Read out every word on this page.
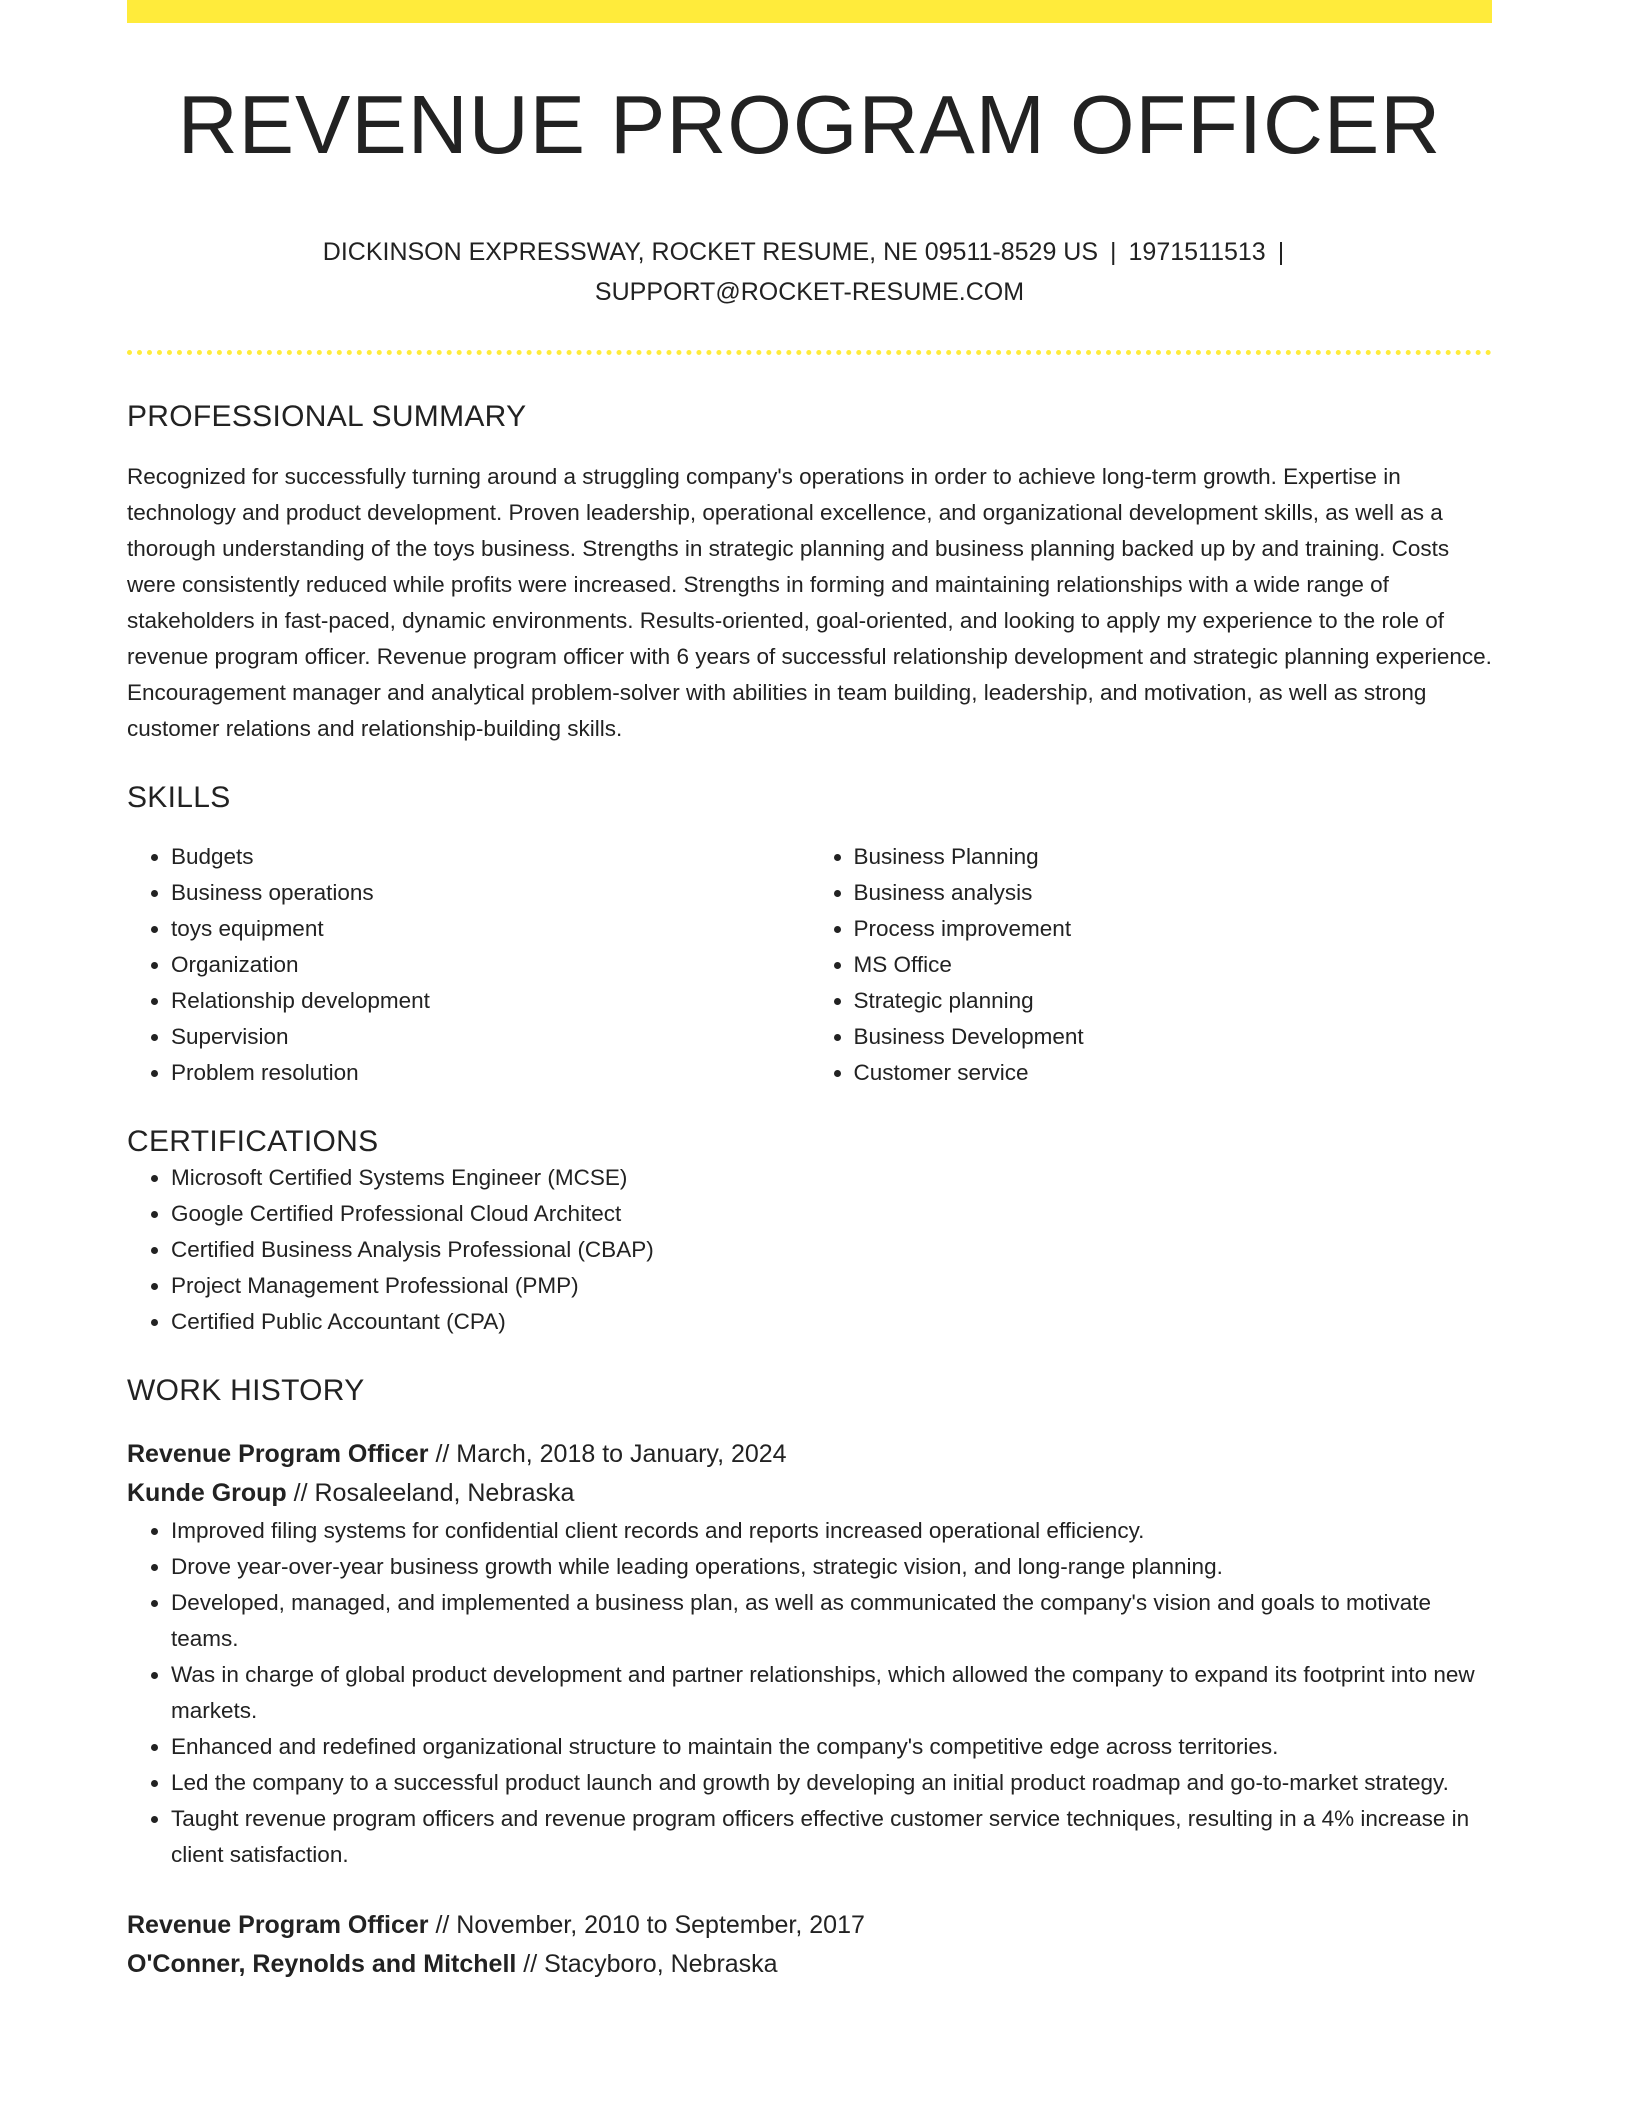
REVENUE PROGRAM OFFICER
DICKINSON EXPRESSWAY, ROCKET RESUME, NE 09511-8529 US | 1971511513 |
SUPPORT@ROCKET-RESUME.COM
PROFESSIONAL SUMMARY

Recognized for successfully turning around a struggling company's operations in order to achieve long-term growth. Expertise in technology and product development. Proven leadership, operational excellence, and organizational development skills, as well as a thorough understanding of the toys business. Strengths in strategic planning and business planning backed up by and training. Costs were consistently reduced while profits were increased. Strengths in forming and maintaining relationships with a wide range of stakeholders in fast-paced, dynamic environments. Results-oriented, goal-oriented, and looking to apply my experience to the role of revenue program officer. Revenue program officer with 6 years of successful relationship development and strategic planning experience. Encouragement manager and analytical problem-solver with abilities in team building, leadership, and motivation, as well as strong customer relations and relationship-building skills.

SKILLS
• Budgets
• Business operations
• toys equipment
• Organization
• Relationship development
• Supervision
• Problem resolution
• Business Planning
• Business analysis
• Process improvement
• MS Office
• Strategic planning
• Business Development
• Customer service
CERTIFICATIONS
• Microsoft Certified Systems Engineer (MCSE)
• Google Certified Professional Cloud Architect
• Certified Business Analysis Professional (CBAP)
• Project Management Professional (PMP)
• Certified Public Accountant (CPA)
WORK HISTORY
Revenue Program Officer // March, 2018 to January, 2024
Kunde Group // Rosaleeland, Nebraska
• Improved filing systems for confidential client records and reports increased operational efficiency.
• Drove year-over-year business growth while leading operations, strategic vision, and long-range planning.
• Developed, managed, and implemented a business plan, as well as communicated the company's vision and goals to motivate teams.
• Was in charge of global product development and partner relationships, which allowed the company to expand its footprint into new markets.
• Enhanced and redefined organizational structure to maintain the company's competitive edge across territories.
• Led the company to a successful product launch and growth by developing an initial product roadmap and go-to-market strategy.
• Taught revenue program officers and revenue program officers effective customer service techniques, resulting in a 4% increase in client satisfaction.
Revenue Program Officer // November, 2010 to September, 2017
O'Conner, Reynolds and Mitchell // Stacyboro, Nebraska
